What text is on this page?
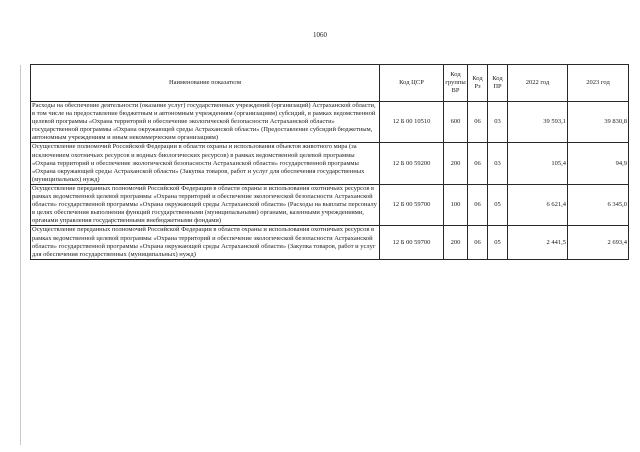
1060
Наименование показателя	Код ЦСР	Код группы ВР	Код Рз	Код ПР	2022 год	2023 год
Расходы на обеспечение деятельности (оказание услуг) государственных учреждений (организаций) Астраханской области, в том числе на предоставление бюджетным и автономным учреждениям (организациям) субсидий, в рамках ведомственной целевой программы «Охрана территорий и обеспечение экологической безопасности Астраханской области» государственной программы «Охрана окружающей среды Астраханской области» (Предоставление субсидий бюджетным, автономным учреждениям и иным некоммерческим организациям)	12 Б 00 10510	600	06	03	39 593,1	39 830,8
Осуществление полномочий Российской Федерации в области охраны и использования объектов животного мира (за исключением охотничьих ресурсов и водных биологических ресурсов) в рамках ведомственной целевой программы «Охрана территорий и обеспечение экологической безопасности Астраханской области» государственной программы «Охрана окружающей среды Астраханской области» (Закупка товаров, работ и услуг для обеспечения государственных (муниципальных) нужд)	12 Б 00 59200	200	06	03	105,4	94,9
Осуществление переданных полномочий Российской Федерации в области охраны и использования охотничьих ресурсов в рамках ведомственной целевой программы «Охрана территорий и обеспечение экологической безопасности Астраханской области» государственной программы «Охрана окружающей среды Астраханской области» (Расходы на выплаты персоналу в целях обеспечения выполнения функций государственными (муниципальными) органами, казенными учреждениями, органами управления государственными внебюджетными фондами)	12 Б 00 59700	100	06	05	6 621,4	6 345,0
Осуществление переданных полномочий Российской Федерации в области охраны и использования охотничьих ресурсов в рамках ведомственной целевой программы «Охрана территорий и обеспечение экологической безопасности Астраханской области» государственной программы «Охрана окружающей среды Астраханской области» (Закупка товаров, работ и услуг для обеспечения государственных (муниципальных) нужд)	12 Б 00 59700	200	06	05	2 441,5	2 693,4
